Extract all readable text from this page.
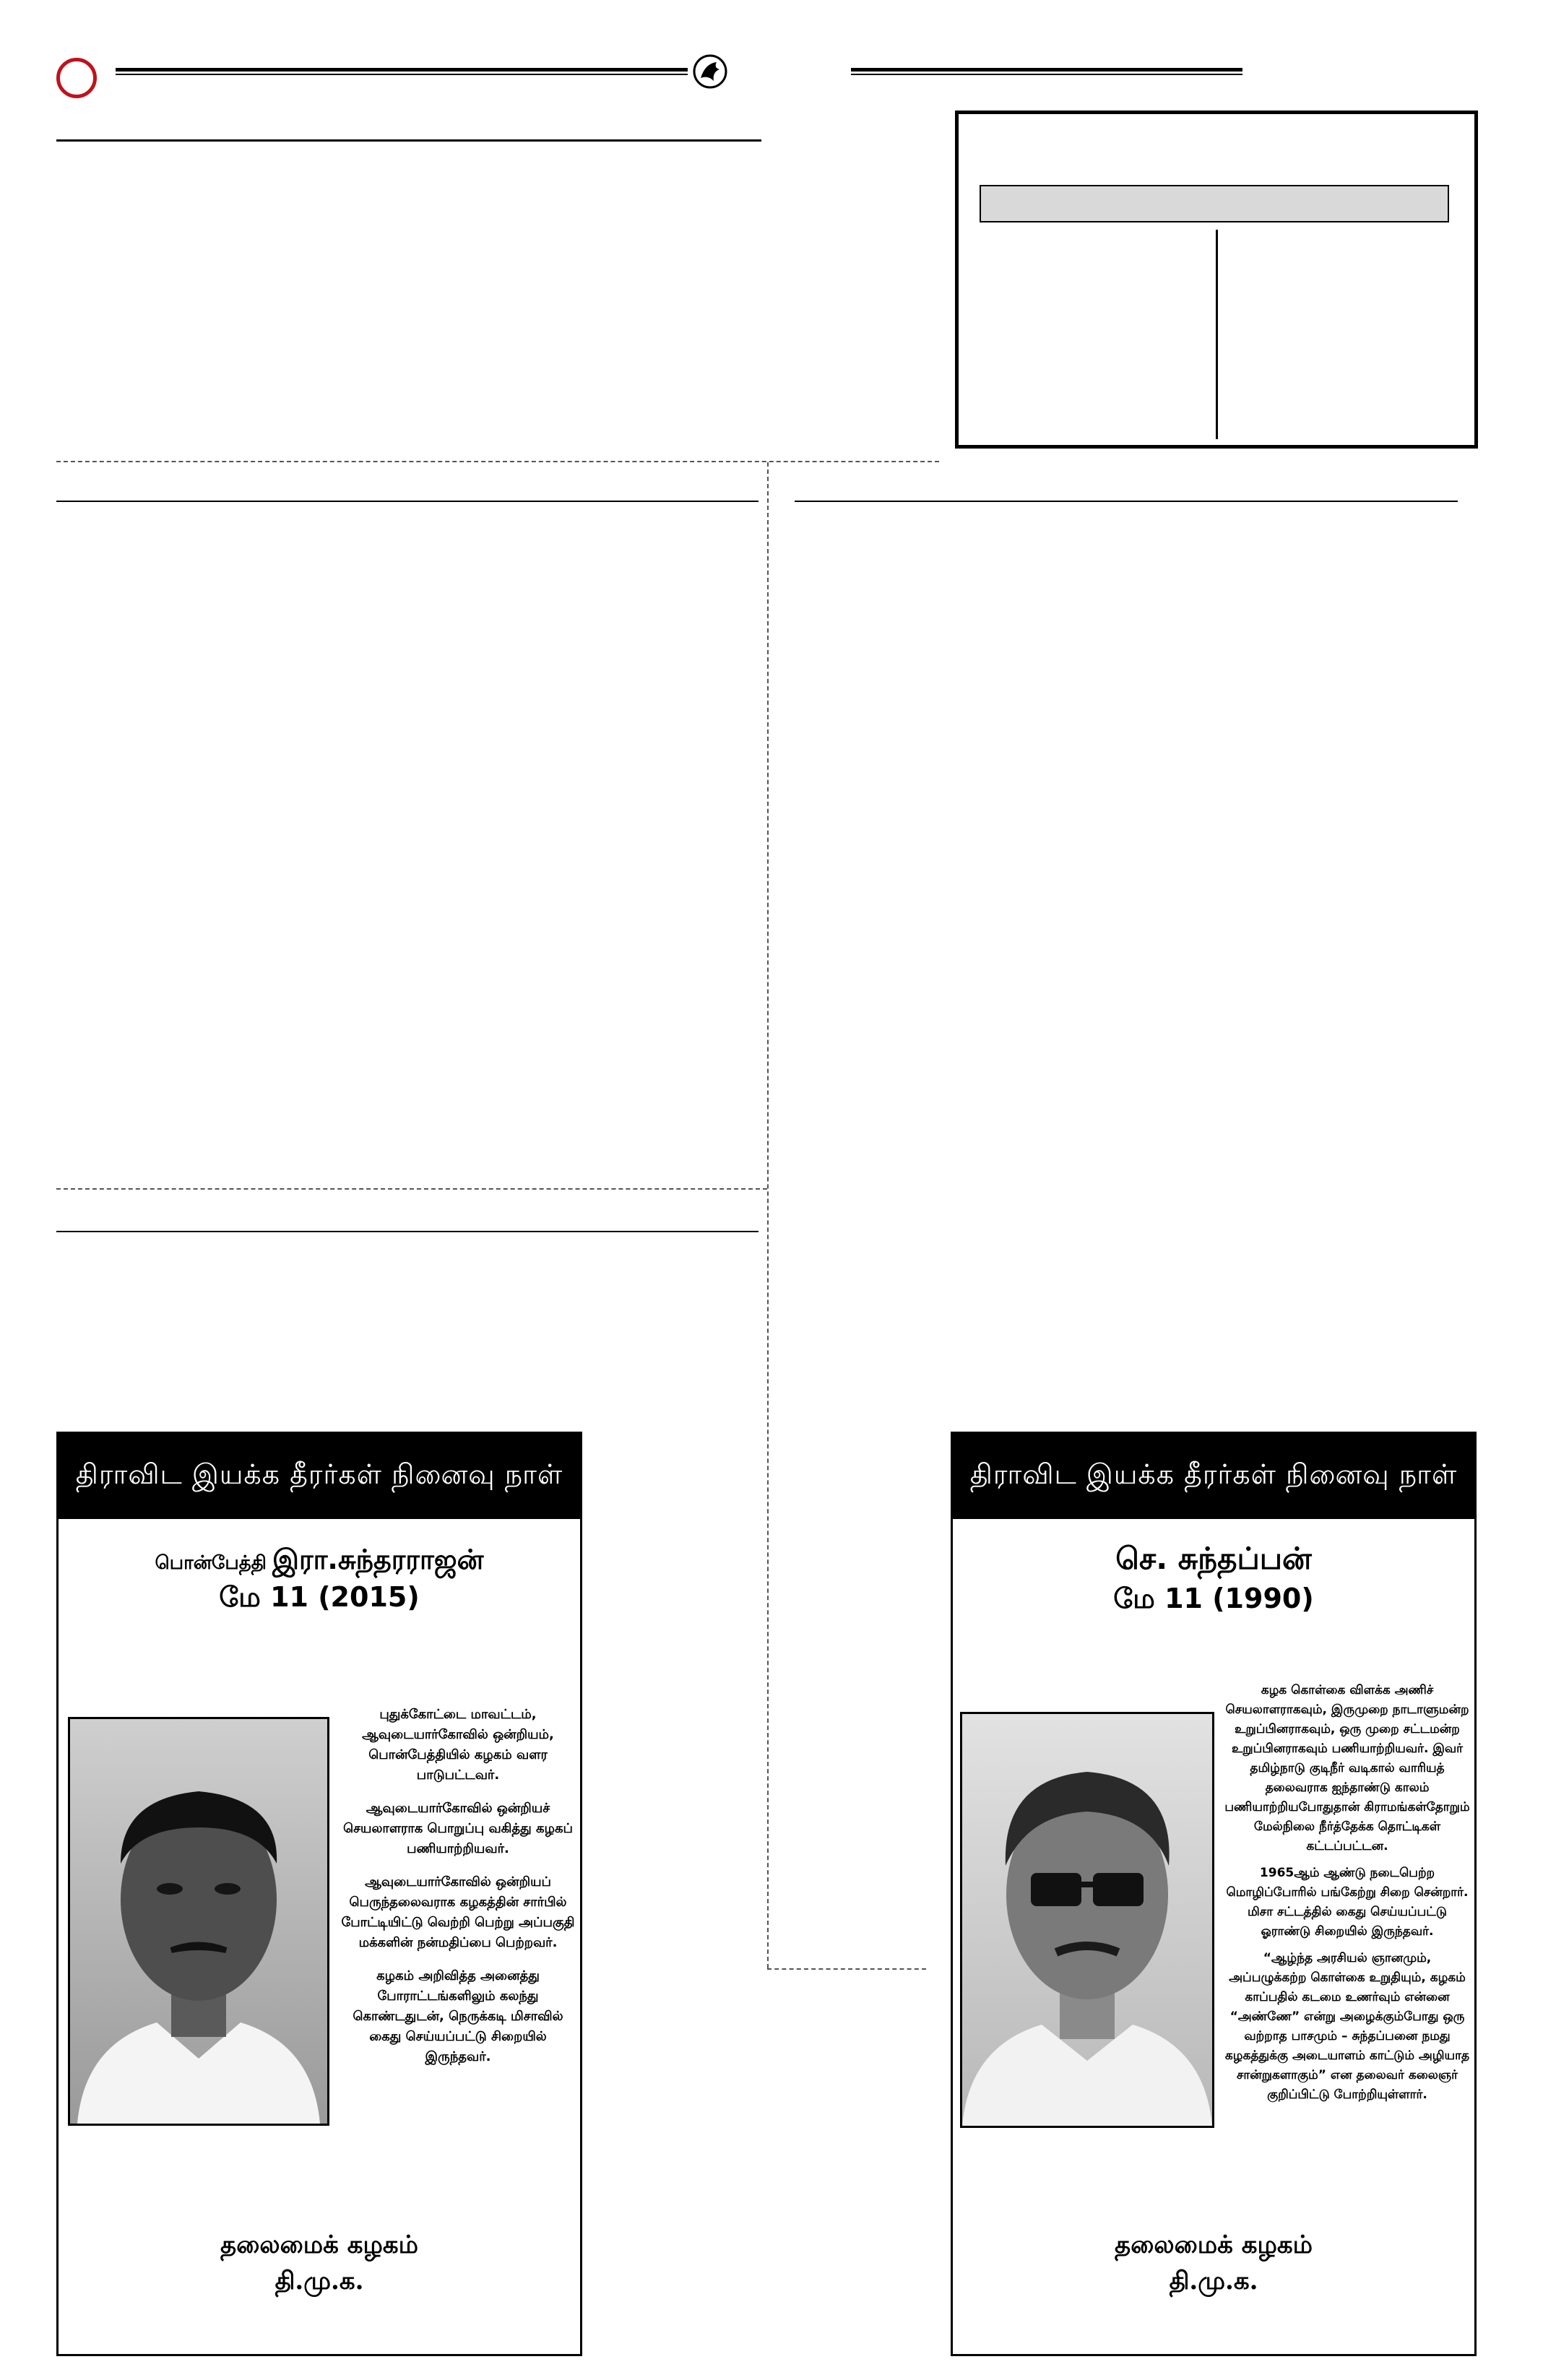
திராவிட இயக்க தீரர்கள் நினைவு நாள்
பொன்பேத்தி இரா.சுந்தரராஜன்
மே 11 (2015)

புதுக்கோட்டை மாவட்டம், ஆவுடையார்கோவில் ஒன்றியம், பொன்பேத்தியில் கழகம் வளர பாடுபட்டவர்.

ஆவுடையார்கோவில் ஒன்றியச் செயலாளராக பொறுப்பு வகித்து கழகப் பணியாற்றியவர்.

ஆவுடையார்கோவில் ஒன்றியப் பெருந்தலைவராக கழகத்தின் சார்பில் போட்டியிட்டு வெற்றி பெற்று அப்பகுதி மக்களின் நன்மதிப்பை பெற்றவர்.

கழகம் அறிவித்த அனைத்து போராட்டங்களிலும் கலந்து கொண்டதுடன், நெருக்கடி மிசாவில் கைது செய்யப்பட்டு சிறையில் இருந்தவர்.

தலைமைக் கழகம்
தி.மு.க.
திராவிட இயக்க தீரர்கள் நினைவு நாள்
செ. சுந்தப்பன்
மே 11 (1990)

கழக கொள்கை விளக்க அணிச் செயலாளராகவும், இருமுறை நாடாளுமன்ற உறுப்பினராகவும், ஒரு முறை சட்டமன்ற உறுப்பினராகவும் பணியாற்றியவர். இவர் தமிழ்நாடு குடிநீர் வடிகால் வாரியத் தலைவராக ஐந்தாண்டு காலம் பணியாற்றியபோதுதான் கிராமங்கள்தோறும் மேல்நிலை நீர்த்தேக்க தொட்டிகள் கட்டப்பட்டன.

1965ஆம் ஆண்டு நடைபெற்ற மொழிப்போரில் பங்கேற்று சிறை சென்றார். மிசா சட்டத்தில் கைது செய்யப்பட்டு ஓராண்டு சிறையில் இருந்தவர்.

“ஆழ்ந்த அரசியல் ஞானமும், அப்பழுக்கற்ற கொள்கை உறுதியும், கழகம் காப்பதில் கடமை உணர்வும் என்னை “அண்ணே” என்று அழைக்கும்போது ஒரு வற்றாத பாசமும் – சுந்தப்பனை நமது கழகத்துக்கு அடையாளம் காட்டும் அழியாத சான்றுகளாகும்” என தலைவர் கலைஞர் குறிப்பிட்டு போற்றியுள்ளார்.

தலைமைக் கழகம்
தி.மு.க.
